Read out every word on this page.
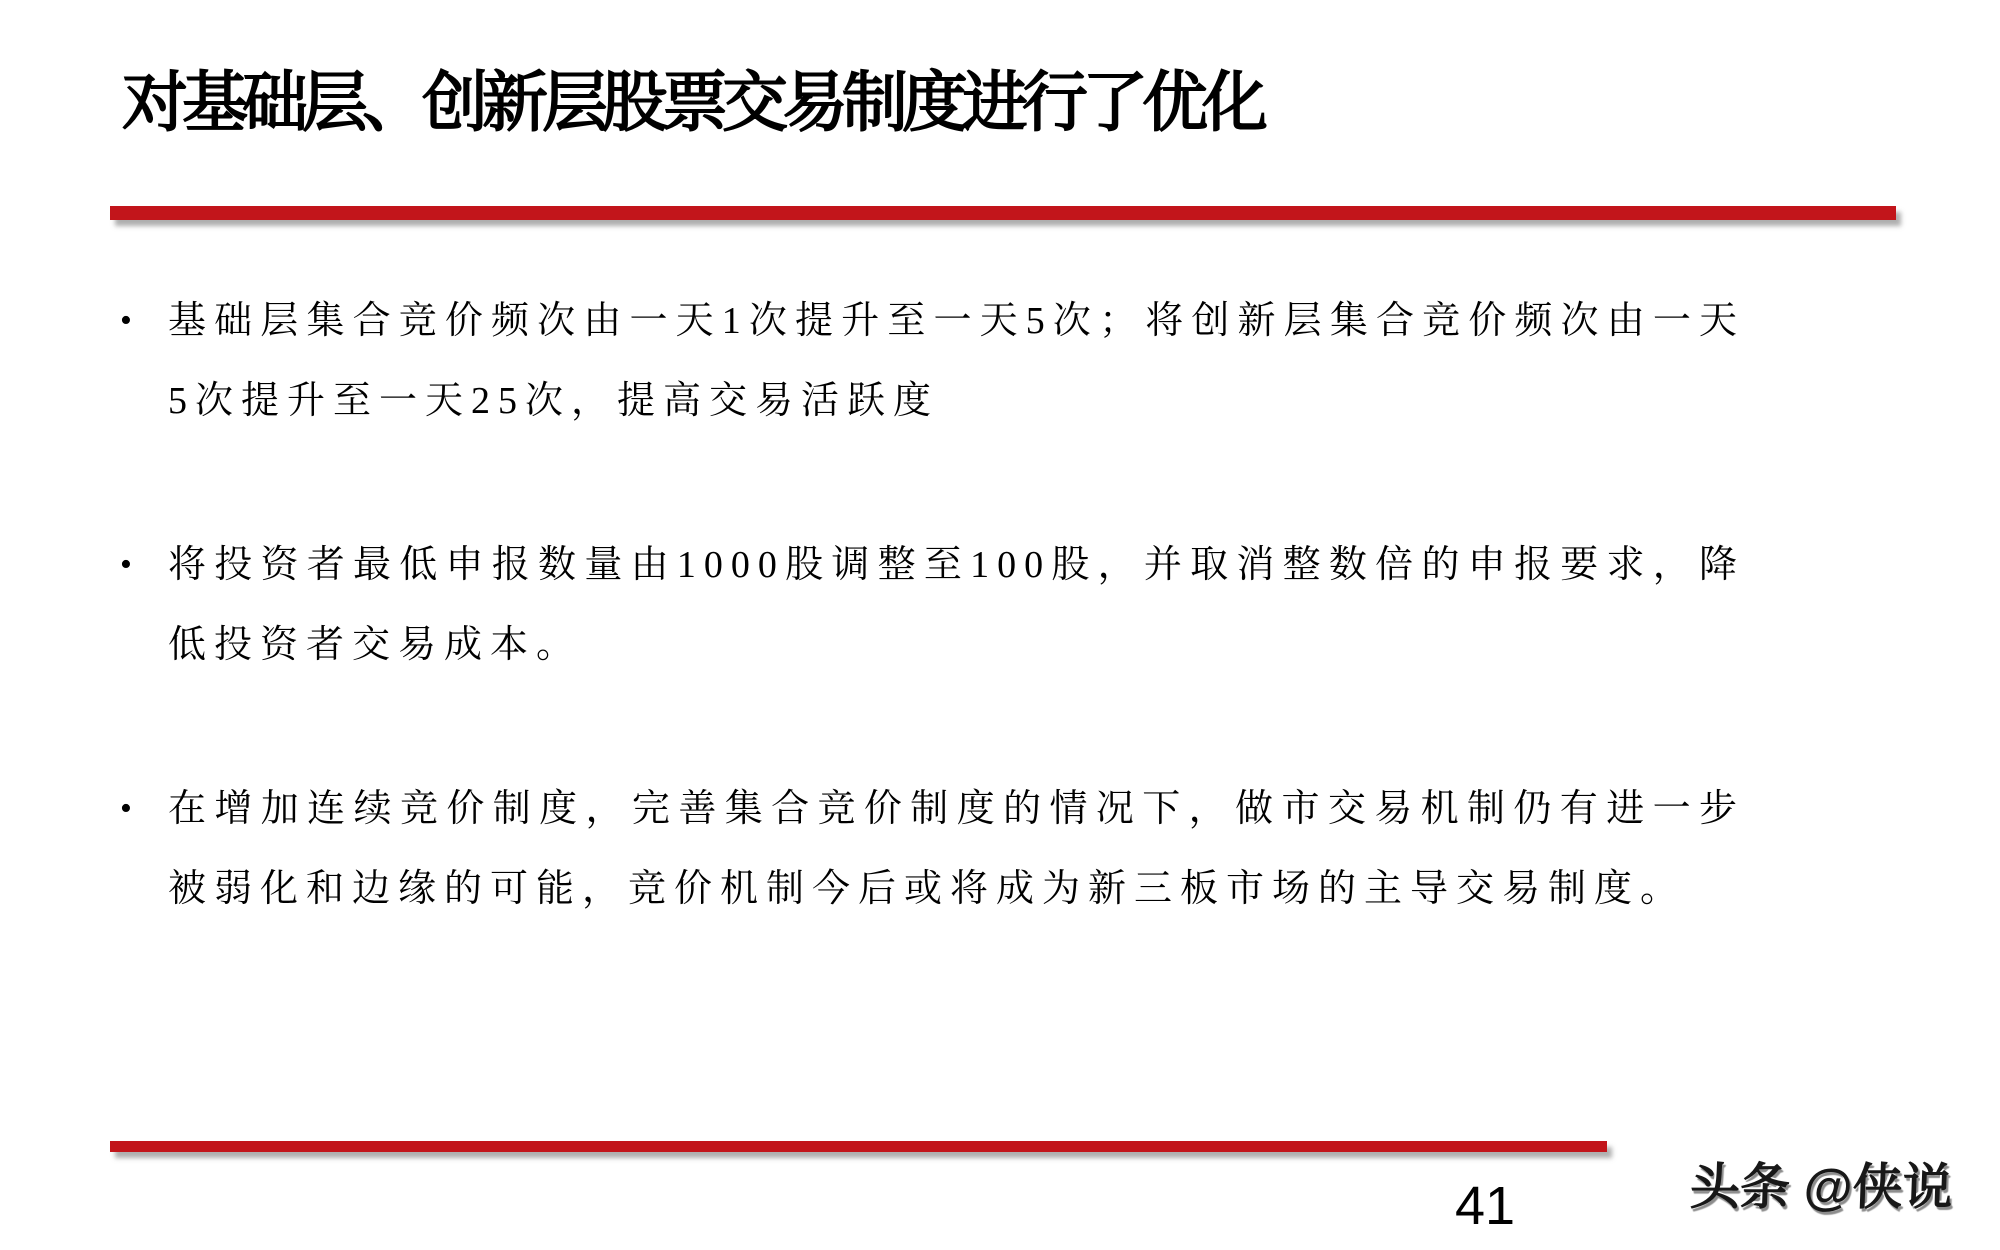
对基础层、创新层股票交易制度进行了优化
• 基础层集合竞价频次由一天1次提升至一天5次；将创新层集合竞价频次由一天5次提升至一天25次，提高交易活跃度
• 将投资者最低申报数量由1000股调整至100股，并取消整数倍的申报要求，降低投资者交易成本。
• 在增加连续竞价制度，完善集合竞价制度的情况下，做市交易机制仍有进一步被弱化和边缘的可能，竞价机制今后或将成为新三板市场的主导交易制度。
41	头条 @侠说
